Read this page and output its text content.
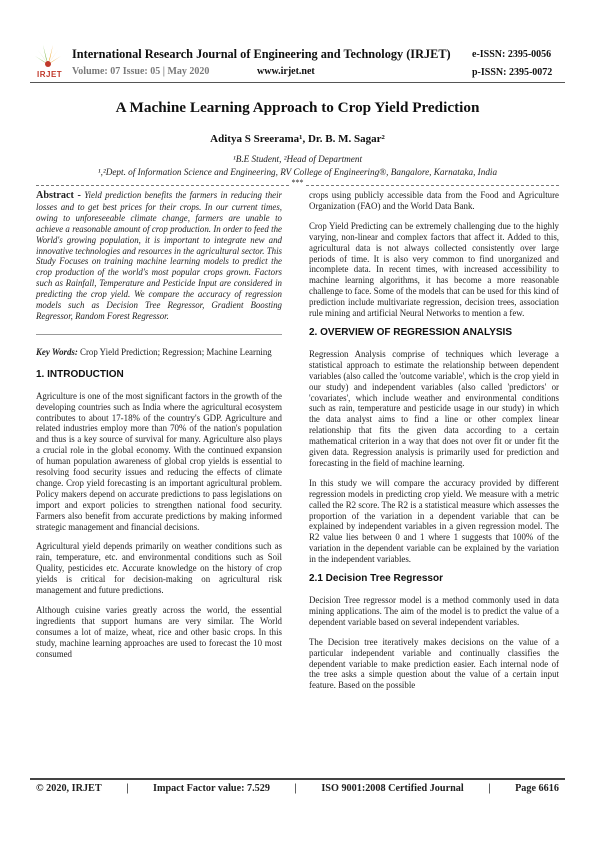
IRJET
International Research Journal of Engineering and Technology (IRJET)
Volume: 07 Issue: 05 | May 2020	www.irjet.net
e-ISSN: 2395-0056
p-ISSN: 2395-0072
A Machine Learning Approach to Crop Yield Prediction
Aditya S Sreerama¹, Dr. B. M. Sagar²
¹B.E Student, ²Head of Department
¹,²Dept. of Information Science and Engineering, RV College of Engineering®, Bangalore, Karnataka, India
***
Abstract - Yield prediction benefits the farmers in reducing their losses and to get best prices for their crops. In our current times, owing to unforeseeable climate change, farmers are unable to achieve a reasonable amount of crop production. In order to feed the World's growing population, it is important to integrate new and innovative technologies and resources in the agricultural sector. This Study Focuses on training machine learning models to predict the crop production of the world's most popular crops grown. Factors such as Rainfall, Temperature and Pesticide Input are considered in predicting the crop yield. We compare the accuracy of regression models such as Decision Tree Regressor, Gradient Boosting Regressor, Random Forest Regressor.
Key Words: Crop Yield Prediction; Regression; Machine Learning
1. INTRODUCTION

Agriculture is one of the most significant factors in the growth of the developing countries such as India where the agricultural ecosystem contributes to about 17-18% of the country's GDP. Agriculture and related industries employ more than 70% of the nation's population and thus is a key source of survival for many. Agriculture also plays a crucial role in the global economy. With the continued expansion of human population awareness of global crop yields is essential to resolving food security issues and reducing the effects of climate change. Crop yield forecasting is an important agricultural problem. Policy makers depend on accurate predictions to pass legislations on import and export policies to strengthen national food security. Farmers also benefit from accurate predictions by making informed strategic management and financial decisions.

Agricultural yield depends primarily on weather conditions such as rain, temperature, etc. and environmental conditions such as Soil Quality, pesticides etc. Accurate knowledge on the history of crop yields is critical for decision-making on agricultural risk management and future predictions.

Although cuisine varies greatly across the world, the essential ingredients that support humans are very similar. The World consumes a lot of maize, wheat, rice and other basic crops. In this study, machine learning approaches are used to forecast the 10 most consumed

crops using publicly accessible data from the Food and Agriculture Organization (FAO) and the World Data Bank.

Crop Yield Predicting can be extremely challenging due to the highly varying, non-linear and complex factors that affect it. Added to this, agricultural data is not always collected consistently over large periods of time. It is also very common to find unorganized and incomplete data. In recent times, with increased accessibility to machine learning algorithms, it has become a more reasonable challenge to face. Some of the models that can be used for this kind of prediction include multivariate regression, decision trees, association rule mining and artificial Neural Networks to mention a few.

2. OVERVIEW OF REGRESSION ANALYSIS

Regression Analysis comprise of techniques which leverage a statistical approach to estimate the relationship between dependent variables (also called the 'outcome variable', which is the crop yield in our study) and independent variables (also called 'predictors' or 'covariates', which include weather and environmental conditions such as rain, temperature and pesticide usage in our study) in which the data analyst aims to find a line or other complex linear relationship that fits the given data according to a certain mathematical criterion in a way that does not over fit or under fit the given data. Regression analysis is primarily used for prediction and forecasting in the field of machine learning.

In this study we will compare the accuracy provided by different regression models in predicting crop yield. We measure with a metric called the R2 score. The R2 is a statistical measure which assesses the proportion of the variation in a dependent variable that can be explained by independent variables in a given regression model. The R2 value lies between 0 and 1 where 1 suggests that 100% of the variation in the dependent variable can be explained by the variation in the independent variables.

2.1 Decision Tree Regressor

Decision Tree regressor model is a method commonly used in data mining applications. The aim of the model is to predict the value of a dependent variable based on several independent variables.

The Decision tree iteratively makes decisions on the value of a particular independent variable and continually classifies the dependent variable to make prediction easier. Each internal node of the tree asks a simple question about the value of a certain input feature. Based on the possible

© 2020, IRJET | Impact Factor value: 7.529 | ISO 9001:2008 Certified Journal | Page 6616
